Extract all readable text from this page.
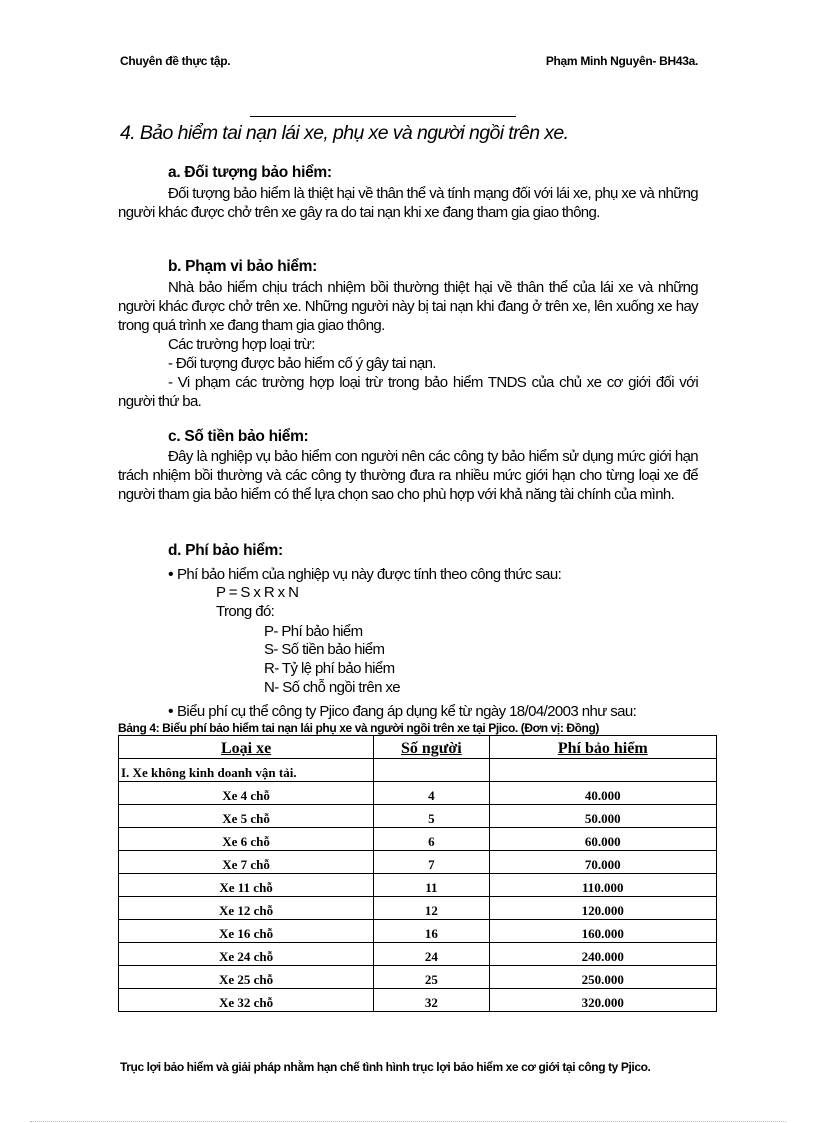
Chuyên đề thực tập.	Phạm Minh Nguyên- BH43a.
4. Bảo hiểm tai nạn lái xe, phụ xe và người ngồi trên xe.
a. Đối tượng bảo hiểm:

Đối tượng bảo hiểm là thiệt hại về thân thể và tính mạng đối với lái xe, phụ xe và những người khác được chở trên xe gây ra do tai nạn khi xe đang tham gia giao thông.

b. Phạm vi bảo hiểm:

Nhà bảo hiểm chịu trách nhiệm bồi thường thiệt hại về thân thể của lái xe và những người khác được chở trên xe. Những người này bị tai nạn khi đang ở trên xe, lên xuống xe hay trong quá trình xe đang tham gia giao thông.

Các trường hợp loại trừ:

- Đối tượng được bảo hiểm cố ý gây tai nạn.

- Vi phạm các trường hợp loại trừ trong bảo hiểm TNDS của chủ xe cơ giới đối với người thứ ba.

c. Số tiền bảo hiểm:

Đây là nghiệp vụ bảo hiểm con người nên các công ty bảo hiểm sử dụng mức giới hạn trách nhiệm bồi thường và các công ty thường đưa ra nhiều mức giới hạn cho từng loại xe để người tham gia bảo hiểm có thể lựa chọn sao cho phù hợp với khả năng tài chính của mình.

d. Phí bảo hiểm:
• Phí bảo hiểm của nghiệp vụ này được tính theo công thức sau:
P = S x R x N
Trong đó:
P- Phí bảo hiểm
S- Số tiền bảo hiểm
R- Tỷ lệ phí bảo hiểm
N- Số chỗ ngồi trên xe
• Biểu phí cụ thể công ty Pjico đang áp dụng kể từ ngày 18/04/2003 như sau:
Bảng 4: Biểu phí bảo hiểm tai nạn lái phụ xe và người ngồi trên xe tại Pjico. (Đơn vị: Đồng)
Loại xe	Số người	Phí bảo hiểm
I. Xe không kinh doanh vận tải.		
Xe 4 chỗ	4	40.000
Xe 5 chỗ	5	50.000
Xe 6 chỗ	6	60.000
Xe 7 chỗ	7	70.000
Xe 11 chỗ	11	110.000
Xe 12 chỗ	12	120.000
Xe 16 chỗ	16	160.000
Xe 24 chỗ	24	240.000
Xe 25 chỗ	25	250.000
Xe 32 chỗ	32	320.000
Trục lợi bảo hiểm và giải pháp nhằm hạn chế tình hình trục lợi bảo hiểm xe cơ giới tại công ty Pjico.
